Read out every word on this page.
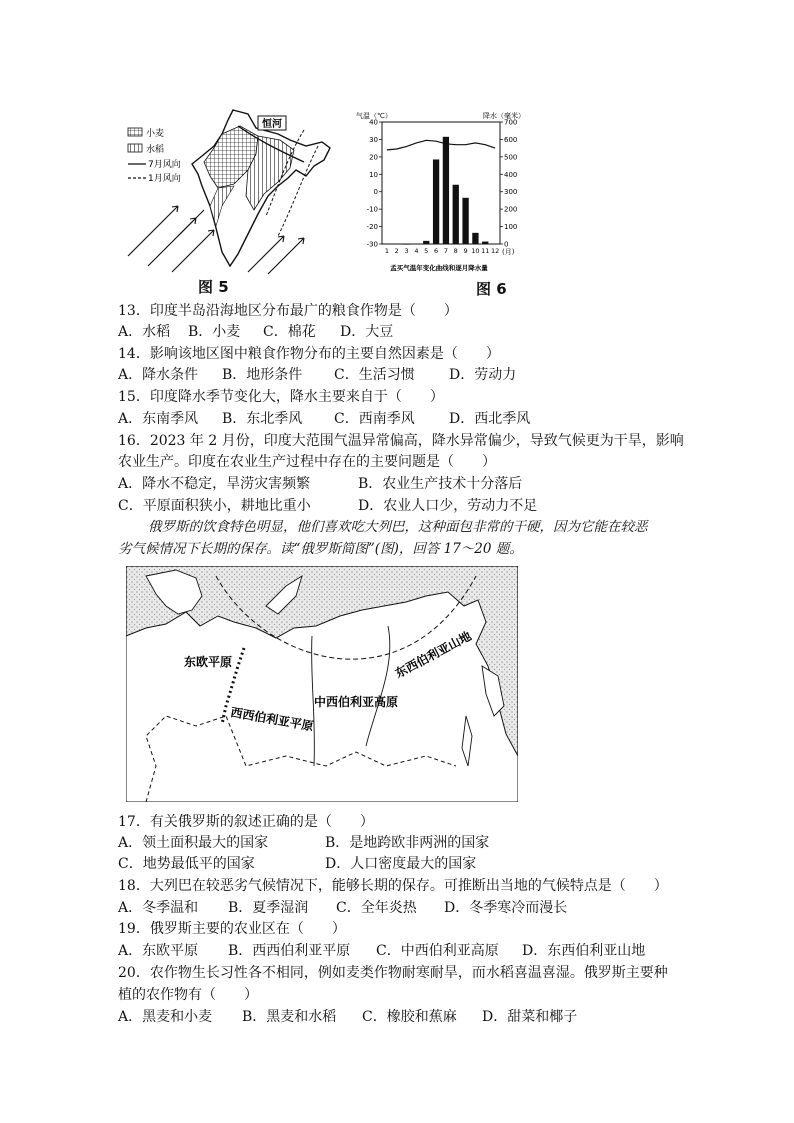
恒河
小麦
水稻
7月风向
1月风向
图 5
气温（℃）	降水（毫米）
40
30
20
10
0
-10
-20
-30
700
600
500
400
300
200
100
0
1 2 3 4 5 6 7 8 9 10 11 12 (月)
孟买气温年变化曲线和逐月降水量
图 6
13．印度半岛沿海地区分布最广的粮食作物是（　　）
A．水稻 B．小麦 C．棉花 D．大豆
14．影响该地区图中粮食作物分布的主要自然因素是（　　）
A．降水条件 B．地形条件 C．生活习惯 D．劳动力
15．印度降水季节变化大，降水主要来自于（　　）
A．东南季风 B．东北季风 C．西南季风 D．西北季风
16．2023 年 2 月份，印度大范围气温异常偏高，降水异常偏少，导致气候更为干旱，影响
农业生产。印度在农业生产过程中存在的主要问题是（　　）
A．降水不稳定，旱涝灾害频繁	B．农业生产技术十分落后
C．平原面积狭小，耕地比重小	D．农业人口少，劳动力不足
俄罗斯的饮食特色明显，他们喜欢吃大列巴，这种面包非常的干硬，因为它能在较恶
劣气候情况下长期的保存。读“俄罗斯简图”(图)，回答 17～20 题。
东欧平原
西西伯利亚平原
中西伯利亚高原
东西伯利亚山地
17．有关俄罗斯的叙述正确的是（　　）
A．领土面积最大的国家	B．是地跨欧非两洲的国家
C．地势最低平的国家	D．人口密度最大的国家
18．大列巴在较恶劣气候情况下，能够长期的保存。可推断出当地的气候特点是（　　）
A．冬季温和 B．夏季湿润 C．全年炎热 D．冬季寒冷而漫长
19．俄罗斯主要的农业区在（　　）
A．东欧平原 B．西西伯利亚平原 C．中西伯利亚高原 D．东西伯利亚山地
20．农作物生长习性各不相同，例如麦类作物耐寒耐旱，而水稻喜温喜湿。俄罗斯主要种
植的农作物有（　　）
A．黑麦和小麦 B．黑麦和水稻 C．橡胶和蕉麻 D．甜菜和椰子
